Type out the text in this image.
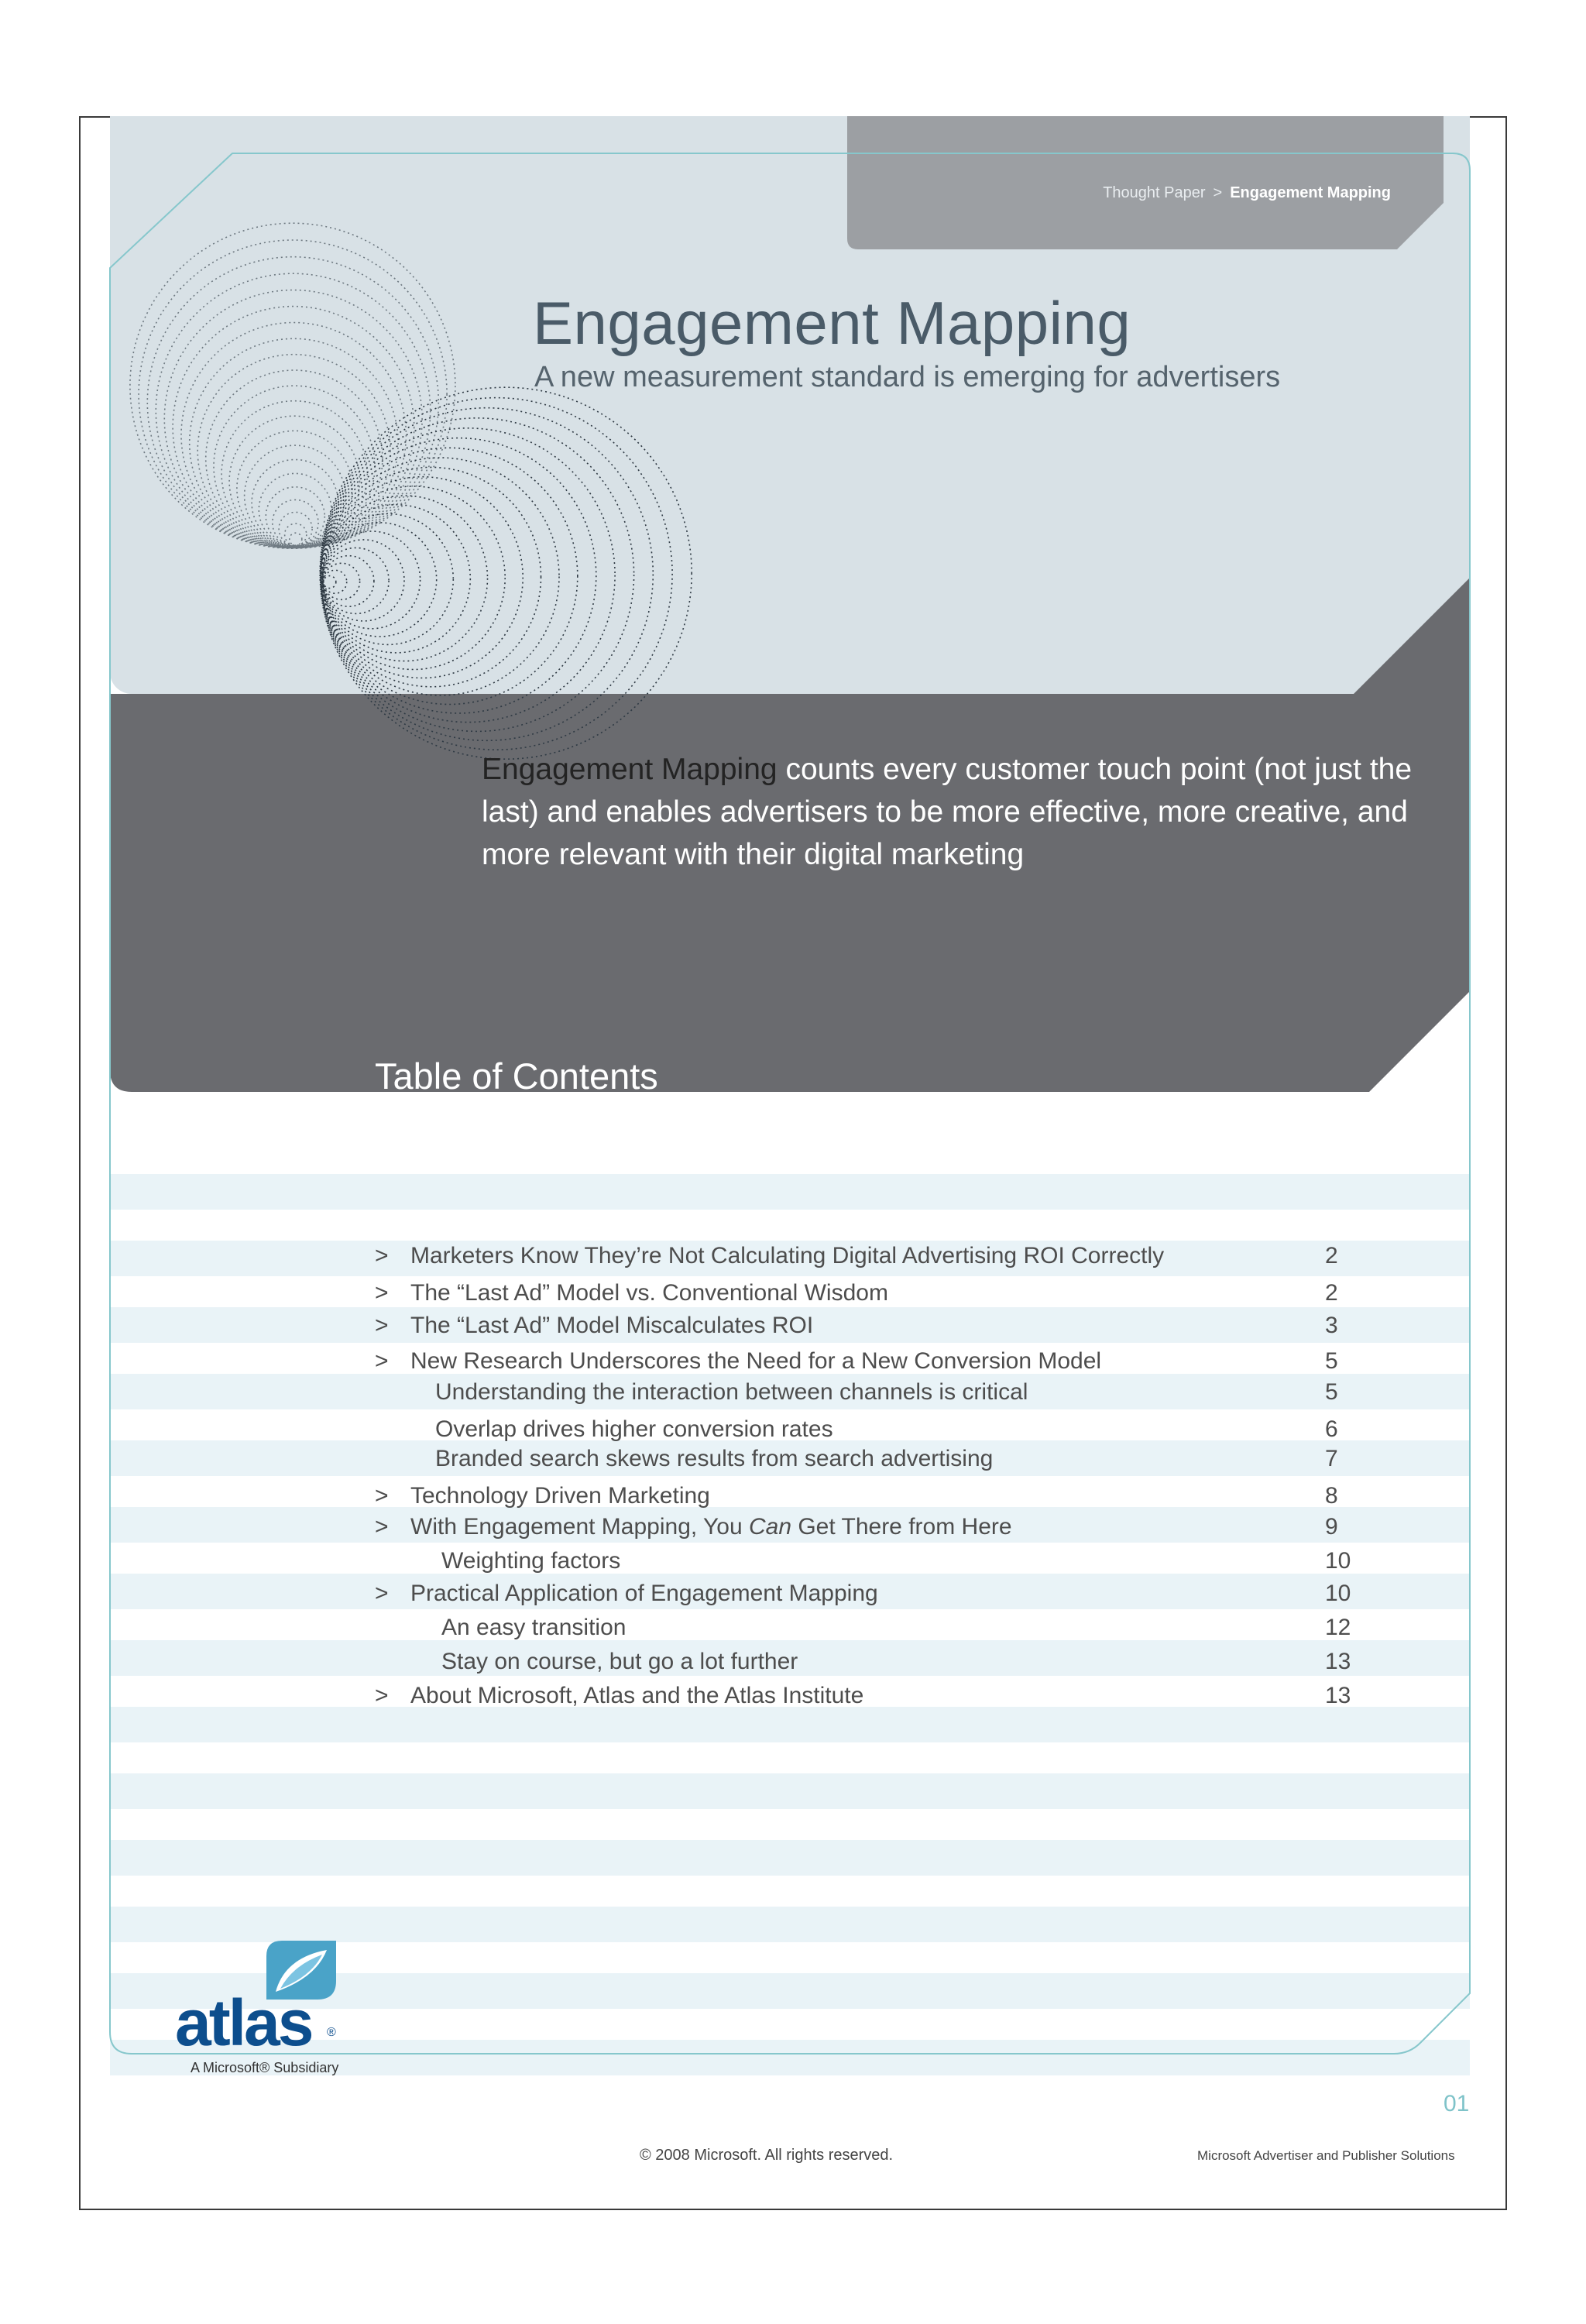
Thought Paper > Engagement Mapping
Engagement Mapping
A new measurement standard is emerging for advertisers
Engagement Mapping counts every customer touch point (not just the last) and enables advertisers to be more effective, more creative, and more relevant with their digital marketing
Table of Contents
> Marketers Know They’re Not Calculating Digital Advertising ROI Correctly	2
> The “Last Ad” Model vs. Conventional Wisdom	2
> The “Last Ad” Model Miscalculates ROI	3
> New Research Underscores the Need for a New Conversion Model	5
Understanding the interaction between channels is critical	5
Overlap drives higher conversion rates	6
Branded search skews results from search advertising	7
> Technology Driven Marketing	8
> With Engagement Mapping, You Can Get There from Here	9
Weighting factors	10
> Practical Application of Engagement Mapping	10
An easy transition	12
Stay on course, but go a lot further	13
> About Microsoft, Atlas and the Atlas Institute	13
atlas ®
A Microsoft® Subsidiary
01
© 2008 Microsoft. All rights reserved.	Microsoft Advertiser and Publisher Solutions
